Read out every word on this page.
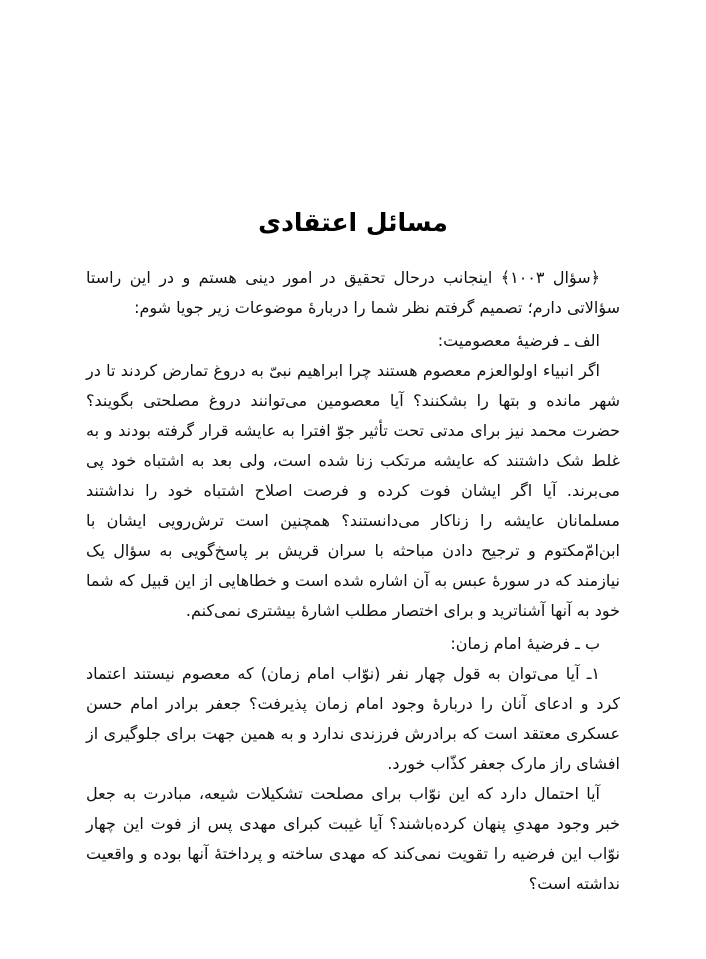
مسائل اعتقادی

﴿سؤال ۱۰۰۳﴾ اینجانب درحال تحقیق در امور دینی هستم و در این راستا سؤالاتی دارم؛ تصمیم گرفتم نظر شما را دربارهٔ موضوعات زیر جویا شوم:

الف ـ فرضیهٔ معصومیت:

اگر انبیاء اولوالعزم معصوم هستند چرا ابراهیم نبیّ به دروغ تمارض کردند تا در شهر مانده و بتها را بشکنند؟ آیا معصومین می‌توانند دروغ مصلحتی بگویند؟ حضرت محمد نیز برای مدتی تحت تأثیر جوّ افترا به عایشه قرار گرفته بودند و به غلط شک داشتند که عایشه مرتکب زنا شده است، ولی بعد به اشتباه خود پی می‌برند. آیا اگر ایشان فوت کرده و فرصت اصلاح اشتباه خود را نداشتند مسلمانان عایشه را زناکار می‌دانستند؟ همچنین است ترش‌رویی ایشان با ابن‌امّ‌مکتوم و ترجیح دادن مباحثه با سران قریش بر پاسخ‌گویی به سؤال یک نیازمند که در سورهٔ عبس به آن اشاره شده است و خطاهایی از این قبیل که شما خود به آنها آشناترید و برای اختصار مطلب اشارهٔ بیشتری نمی‌کنم.

ب ـ فرضیهٔ امام زمان:

۱ـ آیا می‌توان به قول چهار نفر (نوّاب امام زمان) که معصوم نیستند اعتماد کرد و ادعای آنان را دربارهٔ وجود امام زمان پذیرفت؟ جعفر برادر امام حسن عسکری معتقد است که برادرش فرزندی ندارد و به همین جهت برای جلوگیری از افشای راز مارک جعفر کذّاب خورد.

آیا احتمال دارد که این نوّاب برای مصلحت تشکیلات شیعه، مبادرت به جعل خبر وجود مهدیِ پنهان کرده‌باشند؟ آیا غیبت کبرای مهدی پس از فوت این چهار نوّاب این فرضیه را تقویت نمی‌کند که مهدی ساخته و پرداختهٔ آنها بوده و واقعیت نداشته است؟
